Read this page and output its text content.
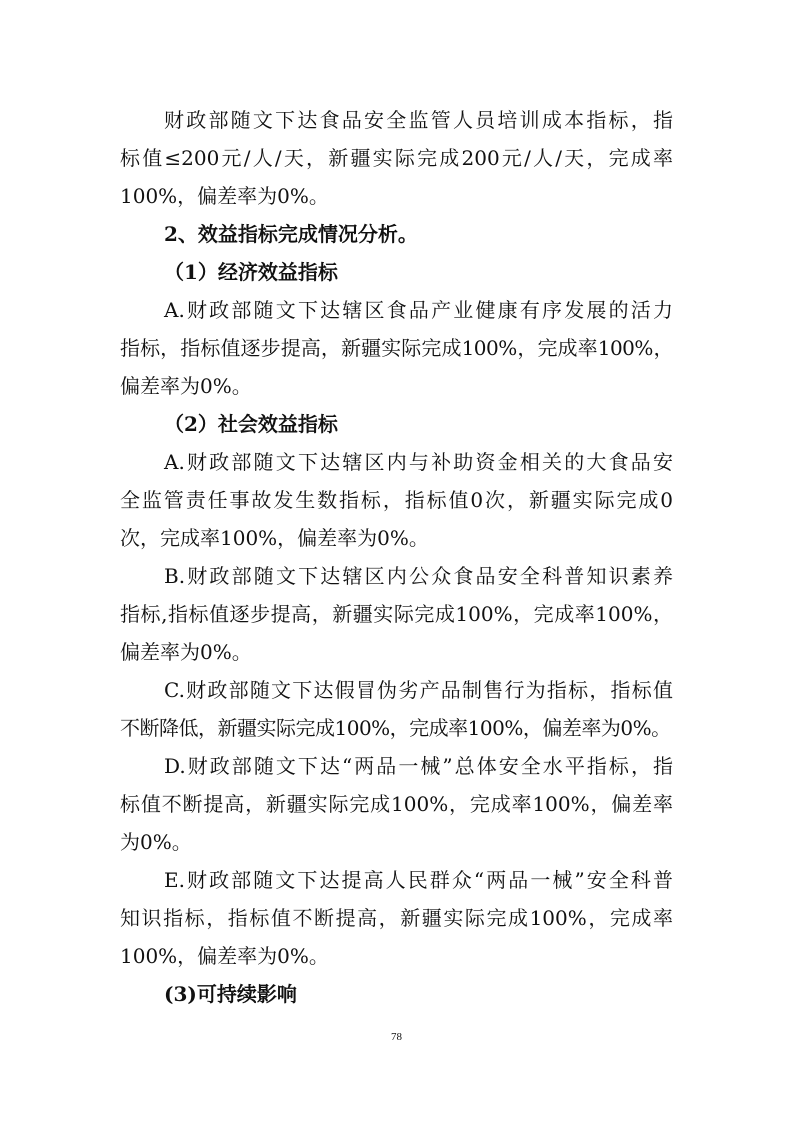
财政部随文下达食品安全监管人员培训成本指标，指
标值≤200元/人/天，新疆实际完成200元/人/天，完成率
100%，偏差率为0%。
2、效益指标完成情况分析。
（1）经济效益指标
A.财政部随文下达辖区食品产业健康有序发展的活力
指标，指标值逐步提高，新疆实际完成100%，完成率100%，
偏差率为0%。
（2）社会效益指标
A.财政部随文下达辖区内与补助资金相关的大食品安
全监管责任事故发生数指标，指标值0次，新疆实际完成0
次，完成率100%，偏差率为0%。
B.财政部随文下达辖区内公众食品安全科普知识素养
指标,指标值逐步提高，新疆实际完成100%，完成率100%，
偏差率为0%。
C.财政部随文下达假冒伪劣产品制售行为指标，指标值
不断降低，新疆实际完成100%，完成率100%，偏差率为0%。
D.财政部随文下达“两品一械”总体安全水平指标，指
标值不断提高，新疆实际完成100%，完成率100%，偏差率
为0%。
E.财政部随文下达提高人民群众“两品一械”安全科普
知识指标，指标值不断提高，新疆实际完成100%，完成率
100%，偏差率为0%。
(3)可持续影响
78
